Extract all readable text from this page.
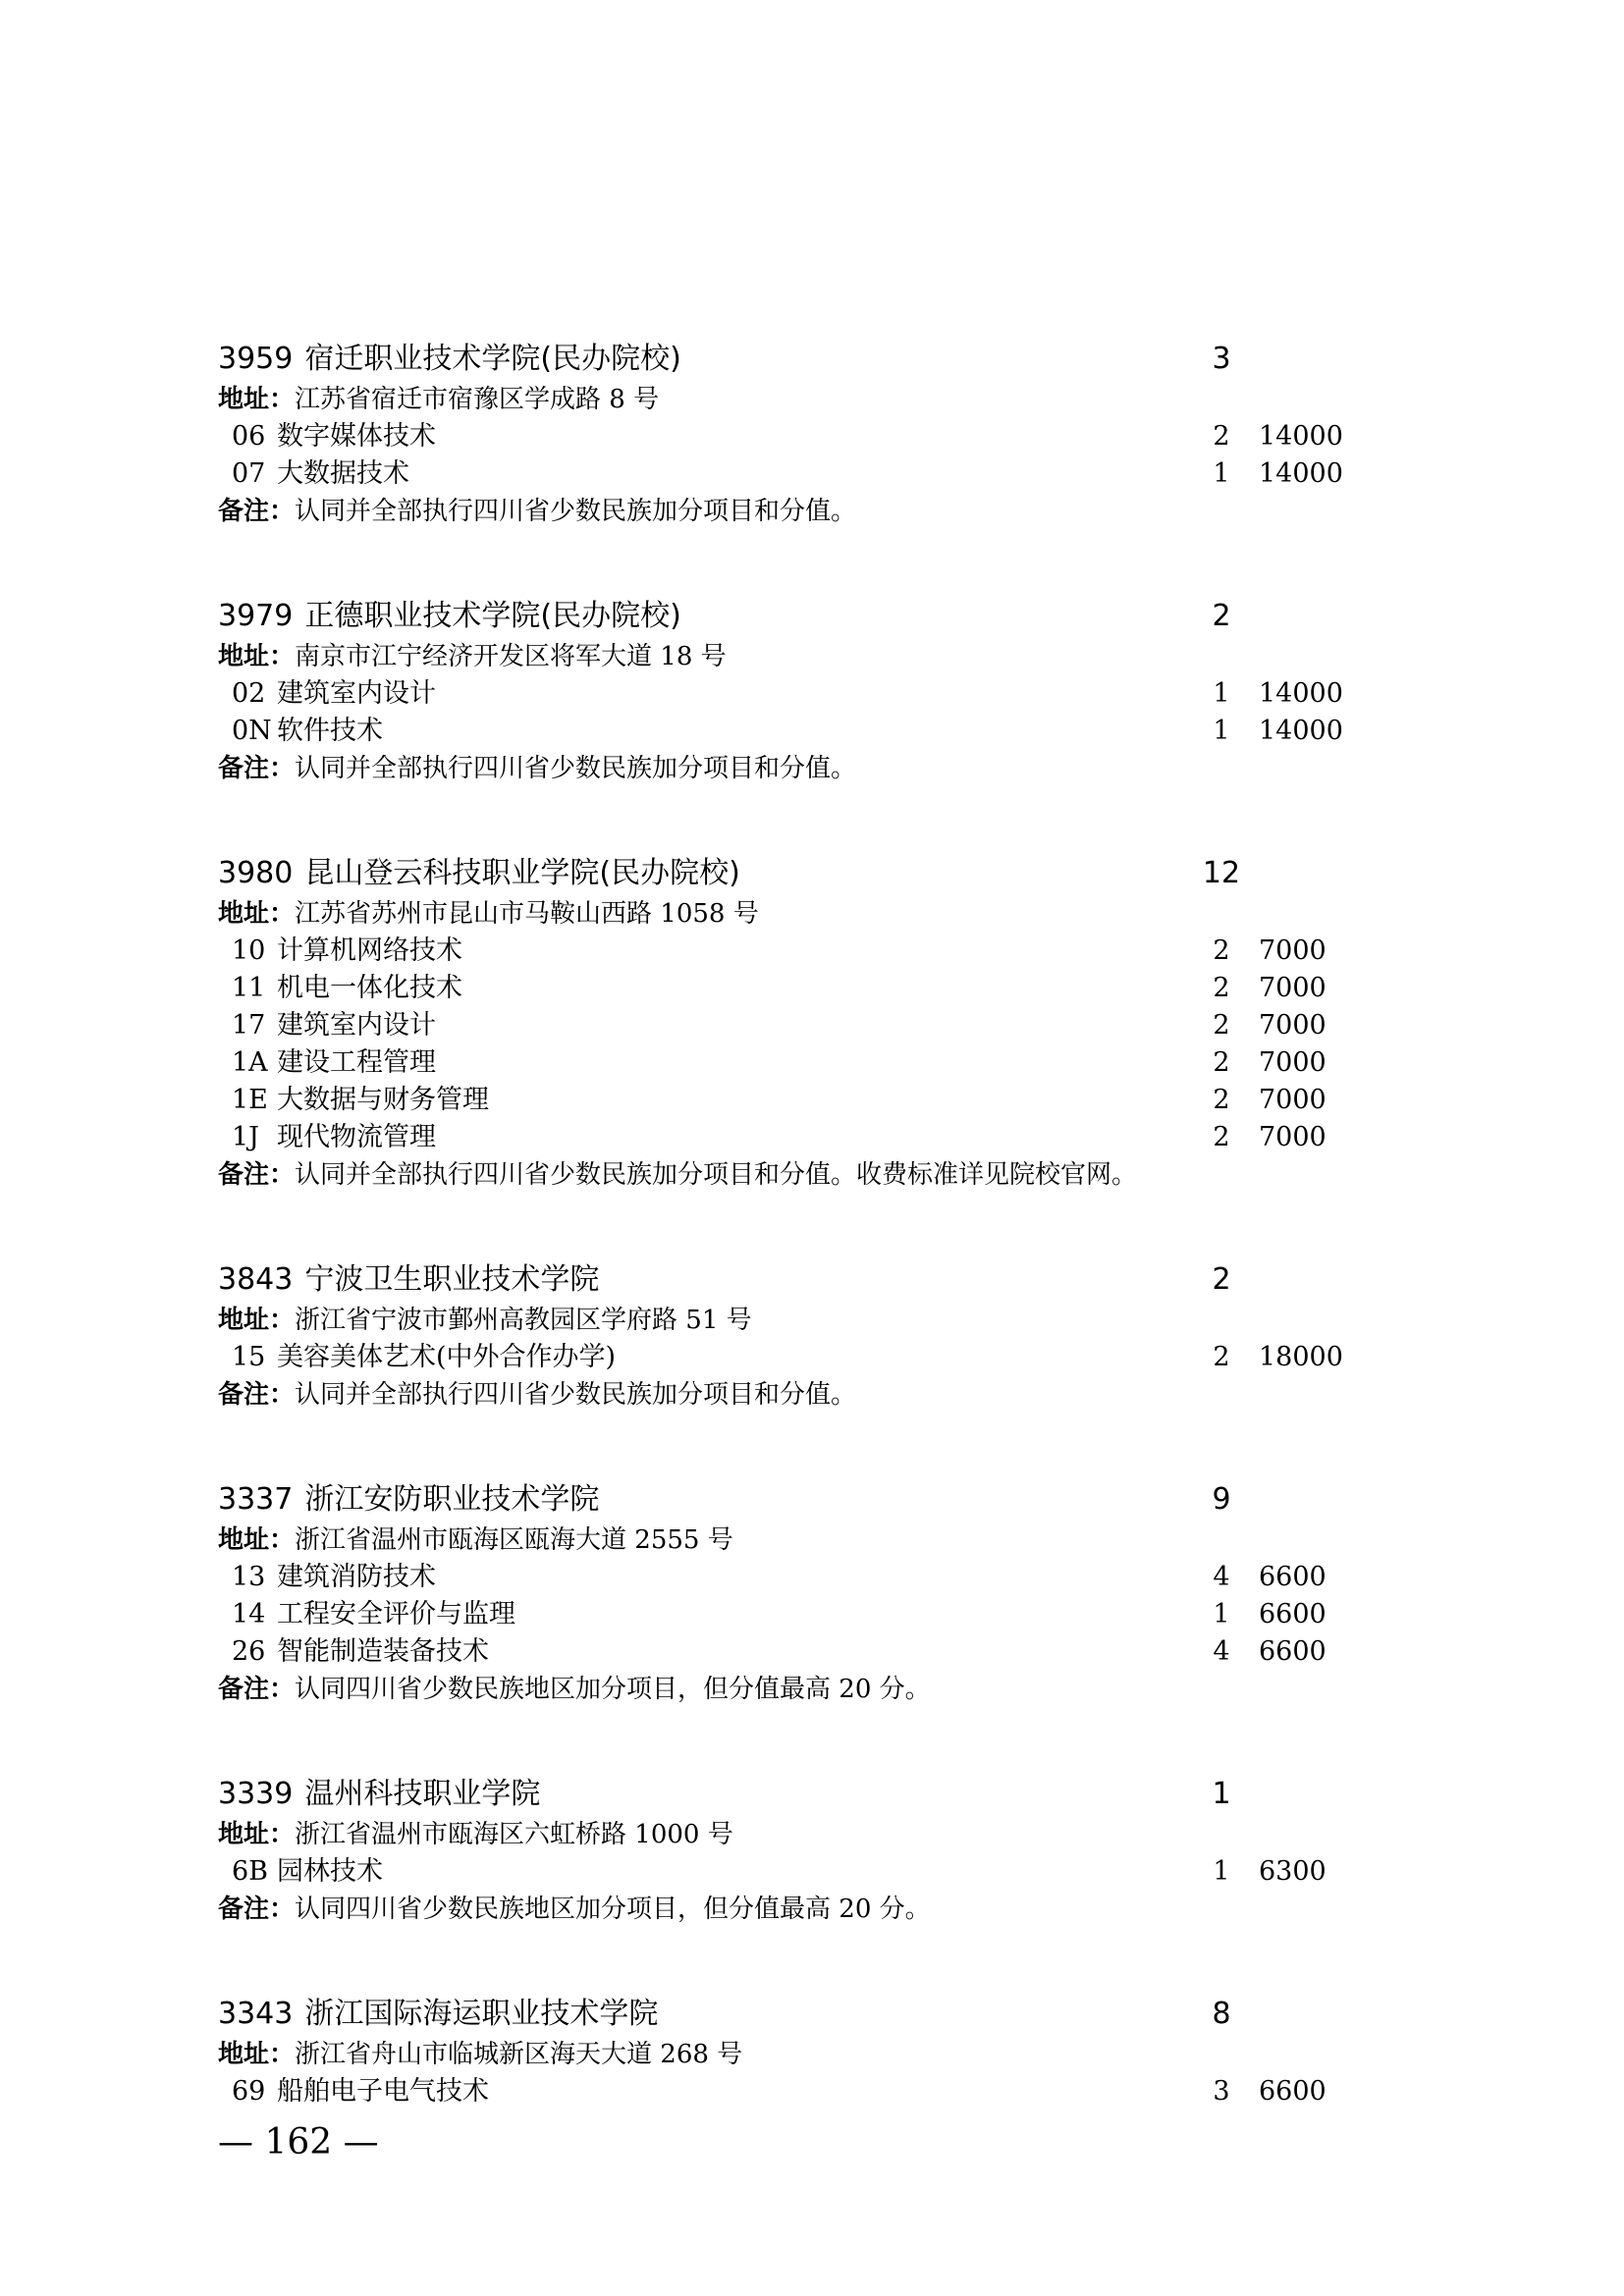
3959 宿迁职业技术学院(民办院校)	3
地址：江苏省宿迁市宿豫区学成路 8 号
06 数字媒体技术	2	14000
07 大数据技术	1	14000
备注：认同并全部执行四川省少数民族加分项目和分值。
3979 正德职业技术学院(民办院校)	2
地址：南京市江宁经济开发区将军大道 18 号
02 建筑室内设计	1	14000
0N 软件技术	1	14000
备注：认同并全部执行四川省少数民族加分项目和分值。
3980 昆山登云科技职业学院(民办院校)	12
地址：江苏省苏州市昆山市马鞍山西路 1058 号
10 计算机网络技术	2	7000
11 机电一体化技术	2	7000
17 建筑室内设计	2	7000
1A 建设工程管理	2	7000
1E 大数据与财务管理	2	7000
1J 现代物流管理	2	7000
备注：认同并全部执行四川省少数民族加分项目和分值。收费标准详见院校官网。
3843 宁波卫生职业技术学院	2
地址：浙江省宁波市鄞州高教园区学府路 51 号
15 美容美体艺术(中外合作办学)	2	18000
备注：认同并全部执行四川省少数民族加分项目和分值。
3337 浙江安防职业技术学院	9
地址：浙江省温州市瓯海区瓯海大道 2555 号
13 建筑消防技术	4	6600
14 工程安全评价与监理	1	6600
26 智能制造装备技术	4	6600
备注：认同四川省少数民族地区加分项目，但分值最高 20 分。
3339 温州科技职业学院	1
地址：浙江省温州市瓯海区六虹桥路 1000 号
6B 园林技术	1	6300
备注：认同四川省少数民族地区加分项目，但分值最高 20 分。
3343 浙江国际海运职业技术学院	8
地址：浙江省舟山市临城新区海天大道 268 号
69 船舶电子电气技术	3	6600
— 162 —
